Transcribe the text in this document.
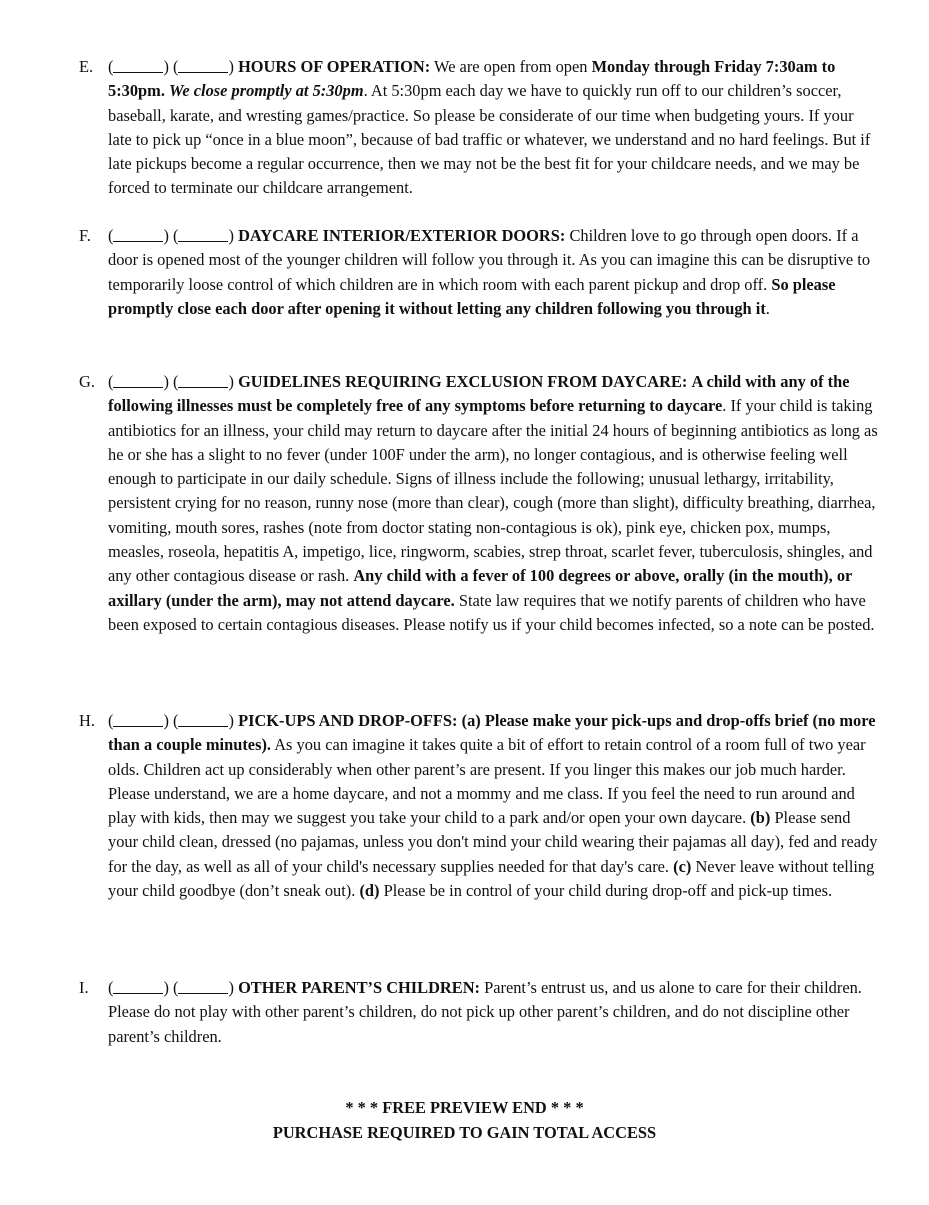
E. (	) (	) HOURS OF OPERATION: We are open from open Monday through Friday 7:30am to 5:30pm. We close promptly at 5:30pm. At 5:30pm each day we have to quickly run off to our children’s soccer, baseball, karate, and wresting games/practice. So please be considerate of our time when budgeting yours. If your late to pick up “once in a blue moon”, because of bad traffic or whatever, we understand and no hard feelings. But if late pickups become a regular occurrence, then we may not be the best fit for your childcare needs, and we may be forced to terminate our childcare arrangement.
F.	(	) (	) DAYCARE INTERIOR/EXTERIOR DOORS: Children love to go through open doors. If a door is opened most of the younger children will follow you through it. As you can imagine this can be disruptive to temporarily loose control of which children are in which room with each parent pickup and drop off. So please promptly close each door after opening it without letting any children following you through it.
G. (	) (	) GUIDELINES REQUIRING EXCLUSION FROM DAYCARE: A child with any of the following illnesses must be completely free of any symptoms before returning to daycare. If your child is taking antibiotics for an illness, your child may return to daycare after the initial 24 hours of beginning antibiotics as long as he or she has a slight to no fever (under 100F under the arm), no longer contagious, and is otherwise feeling well enough to participate in our daily schedule. Signs of illness include the following; unusual lethargy, irritability, persistent crying for no reason, runny nose (more than clear), cough (more than slight), difficulty breathing, diarrhea, vomiting, mouth sores, rashes (note from doctor stating non-contagious is ok), pink eye, chicken pox, mumps, measles, roseola, hepatitis A, impetigo, lice, ringworm, scabies, strep throat, scarlet fever, tuberculosis, shingles, and any other contagious disease or rash. Any child with a fever of 100 degrees or above, orally (in the mouth), or axillary (under the arm), may not attend daycare. State law requires that we notify parents of children who have been exposed to certain contagious diseases. Please notify us if your child becomes infected, so a note can be posted.
H. (	) (	) PICK-UPS AND DROP-OFFS: (a) Please make your pick-ups and drop-offs brief (no more than a couple minutes). As you can imagine it takes quite a bit of effort to retain control of a room full of two year olds. Children act up considerably when other parent’s are present. If you linger this makes our job much harder. Please understand, we are a home daycare, and not a mommy and me class. If you feel the need to run around and play with kids, then may we suggest you take your child to a park and/or open your own daycare. (b) Please send your child clean, dressed (no pajamas, unless you don't mind your child wearing their pajamas all day), fed and ready for the day, as well as all of your child's necessary supplies needed for that day's care. (c) Never leave without telling your child goodbye (don’t sneak out). (d) Please be in control of your child during drop-off and pick-up times.
I.	(	) (	) OTHER PARENT’S CHILDREN: Parent’s entrust us, and us alone to care for their children. Please do not play with other parent’s children, do not pick up other parent’s children, and do not discipline other parent’s children.
* * * FREE PREVIEW END * * *
PURCHASE REQUIRED TO GAIN TOTAL ACCESS
